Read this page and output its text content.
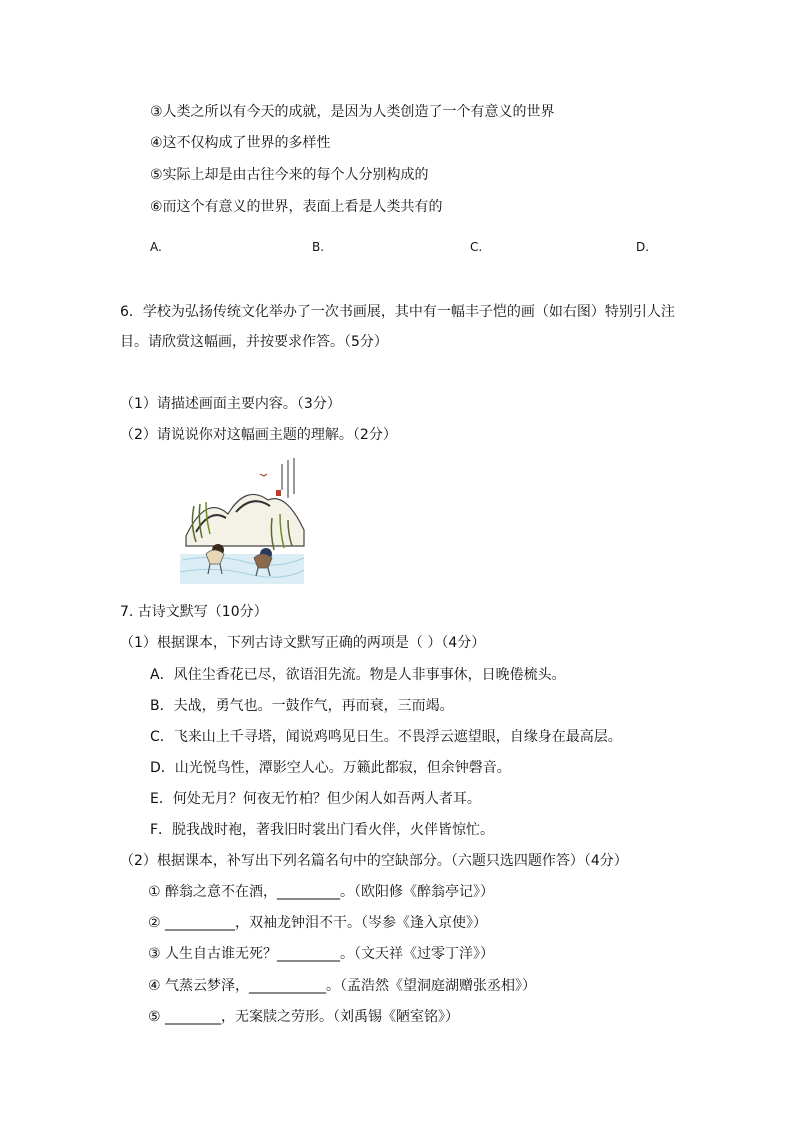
③人类之所以有今天的成就，是因为人类创造了一个有意义的世界
④这不仅构成了世界的多样性
⑤实际上却是由古往今来的每个人分别构成的
⑥而这个有意义的世界，表面上看是人类共有的
A.	B.	C.	D.
6．学校为弘扬传统文化举办了一次书画展，其中有一幅丰子恺的画（如右图）特别引人注
目。请欣赏这幅画，并按要求作答。（5分）
（1）请描述画面主要内容。（3分）
（2）请说说你对这幅画主题的理解。（2分）
7. 古诗文默写（10分）
（1）根据课本，下列古诗文默写正确的两项是（ ）（4分）
A．风住尘香花已尽，欲语泪先流。物是人非事事休，日晚倦梳头。
B．夫战，勇气也。一鼓作气，再而衰，三而竭。
C．飞来山上千寻塔，闻说鸡鸣见日生。不畏浮云遮望眼，自缘身在最高层。
D．山光悦鸟性，潭影空人心。万籁此都寂，但余钟磬音。
E．何处无月？何夜无竹柏？但少闲人如吾两人者耳。
F．脱我战时袍，著我旧时裳出门看火伴，火伴皆惊忙。
（2）根据课本，补写出下列名篇名句中的空缺部分。（六题只选四题作答）（4分）
① 醉翁之意不在酒，_________。（欧阳修《醉翁亭记》）
② __________，双袖龙钟泪不干。（岑参《逢入京使》）
③ 人生自古谁无死？_________。（文天祥《过零丁洋》）
④ 气蒸云梦泽，___________。（孟浩然《望洞庭湖赠张丞相》）
⑤ ________，无案牍之劳形。（刘禹锡《陋室铭》）
